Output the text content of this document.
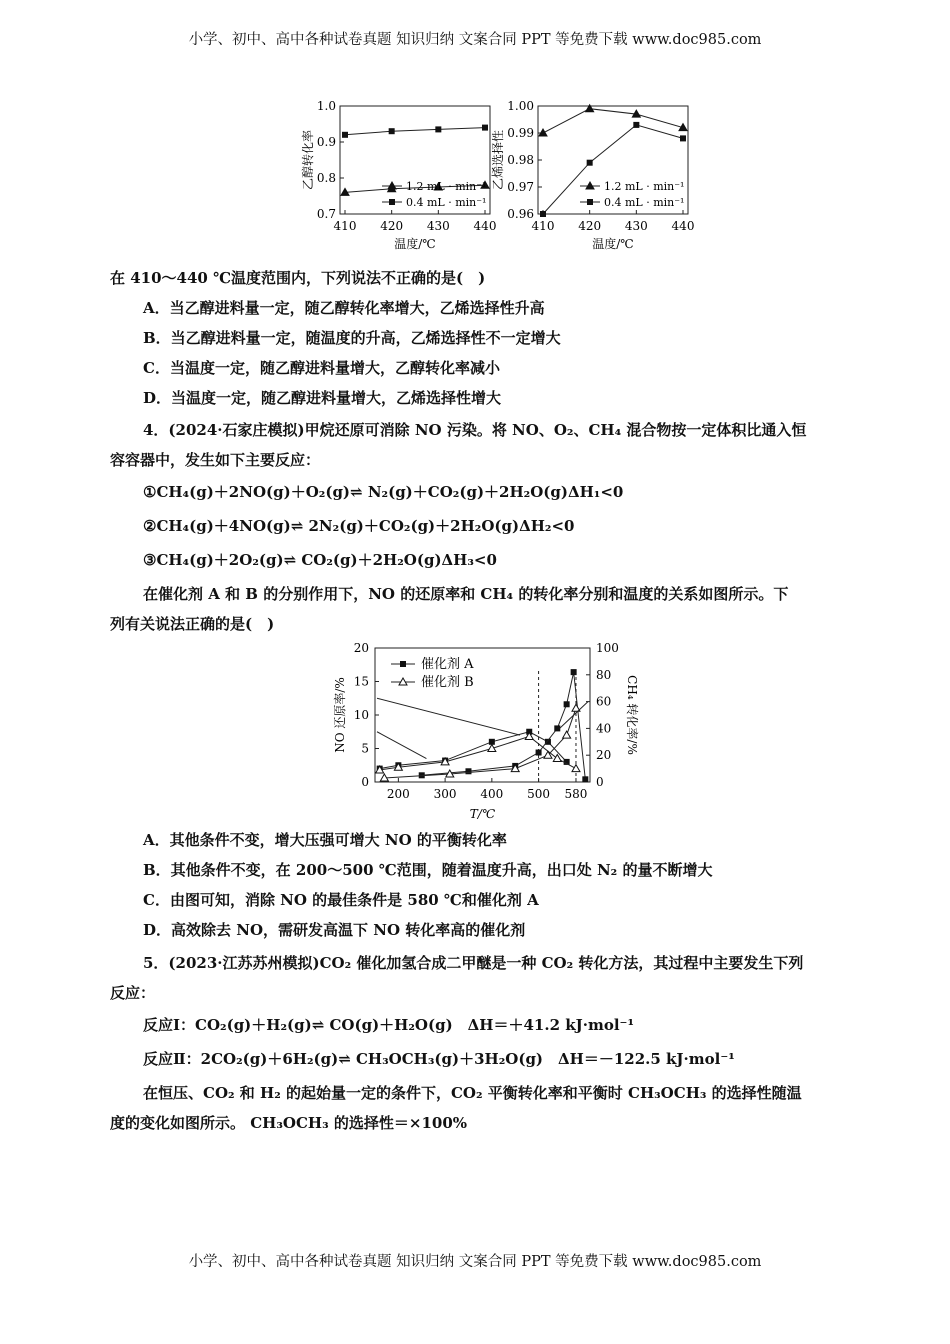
小学、初中、高中各种试卷真题 知识归纳 文案合同 PPT 等免费下载 www.doc985.com
0.7
0.8
0.9
1.0
410 420 430 440
温度/℃
乙醇转化率	1.2 mL · min⁻¹
0.4 mL · min⁻¹
0.96
0.97
0.98
0.99
1.00
410 420 430 440
温度/℃
乙烯选择性	1.2 mL · min⁻¹
0.4 mL · min⁻¹
在 410～440 ℃温度范围内，下列说法不正确的是(　)
A．当乙醇进料量一定，随乙醇转化率增大，乙烯选择性升高
B．当乙醇进料量一定，随温度的升高，乙烯选择性不一定增大
C．当温度一定，随乙醇进料量增大，乙醇转化率减小
D．当温度一定，随乙醇进料量增大，乙烯选择性增大
4．(2024·石家庄模拟)甲烷还原可消除 NO 污染。将 NO、O₂、CH₄ 混合物按一定体积比通入恒
容容器中，发生如下主要反应：
①CH₄(g)＋2NO(g)＋O₂(g)⇌ N₂(g)＋CO₂(g)＋2H₂O(g)ΔH₁<0
②CH₄(g)＋4NO(g)⇌ 2N₂(g)＋CO₂(g)＋2H₂O(g)ΔH₂<0
③CH₄(g)＋2O₂(g)⇌ CO₂(g)＋2H₂O(g)ΔH₃<0
在催化剂 A 和 B 的分别作用下，NO 的还原率和 CH₄ 的转化率分别和温度的关系如图所示。下
列有关说法正确的是(　)
0
5
10
15
20
0
20
40
60
80
100
200 300 400 500 580
T/℃
NO 还原率/%	CH₄ 转化率/%
催化剂 A
催化剂 B
A．其他条件不变，增大压强可增大 NO 的平衡转化率
B．其他条件不变，在 200～500 ℃范围，随着温度升高，出口处 N₂ 的量不断增大
C．由图可知，消除 NO 的最佳条件是 580 ℃和催化剂 A
D．高效除去 NO，需研发高温下 NO 转化率高的催化剂
5．(2023·江苏苏州模拟)CO₂ 催化加氢合成二甲醚是一种 CO₂ 转化方法，其过程中主要发生下列
反应：
反应Ⅰ：CO₂(g)＋H₂(g)⇌ CO(g)＋H₂O(g)　ΔH＝＋41.2 kJ·mol⁻¹
反应Ⅱ：2CO₂(g)＋6H₂(g)⇌ CH₃OCH₃(g)＋3H₂O(g)　ΔH＝－122.5 kJ·mol⁻¹
在恒压、CO₂ 和 H₂ 的起始量一定的条件下，CO₂ 平衡转化率和平衡时 CH₃OCH₃ 的选择性随温
度的变化如图所示。 CH₃OCH₃ 的选择性＝×100%
小学、初中、高中各种试卷真题 知识归纳 文案合同 PPT 等免费下载 www.doc985.com
